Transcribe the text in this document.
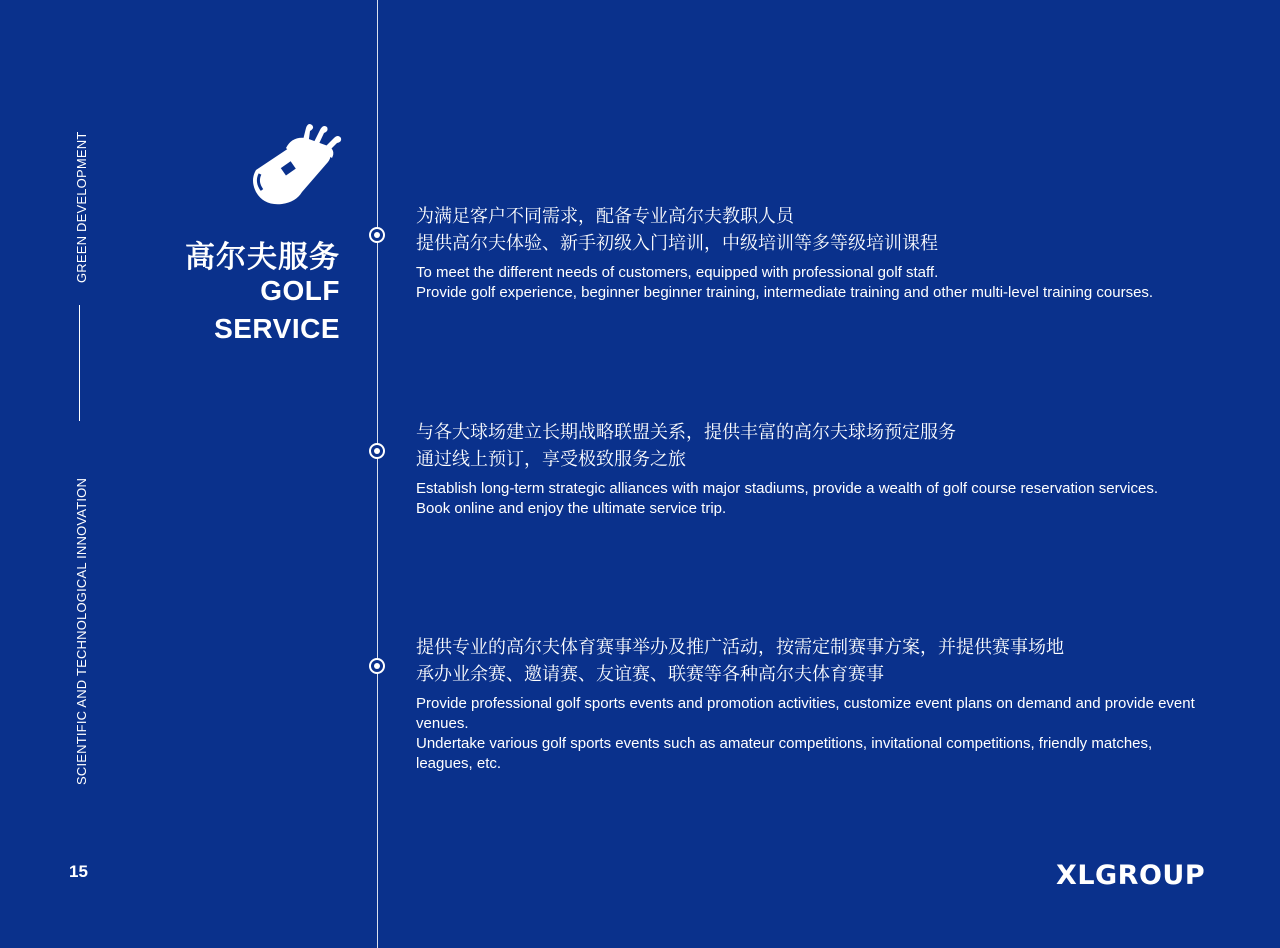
GREEN DEVELOPMENT
SCIENTIFIC AND TECHNOLOGICAL INNOVATION
15
高尔夫服务
GOLF
SERVICE
为满足客户不同需求，配备专业高尔夫教职人员
提供高尔夫体验、新手初级入门培训，中级培训等多等级培训课程
To meet the different needs of customers, equipped with professional golf staff.
Provide golf experience, beginner beginner training, intermediate training and other multi-level training courses.
与各大球场建立长期战略联盟关系，提供丰富的高尔夫球场预定服务
通过线上预订，享受极致服务之旅
Establish long-term strategic alliances with major stadiums, provide a wealth of golf course reservation services.
Book online and enjoy the ultimate service trip.
提供专业的高尔夫体育赛事举办及推广活动，按需定制赛事方案，并提供赛事场地
承办业余赛、邀请赛、友谊赛、联赛等各种高尔夫体育赛事
Provide professional golf sports events and promotion activities, customize event plans on demand and provide event venues.
Undertake various golf sports events such as amateur competitions, invitational competitions, friendly matches, leagues, etc.
XLGROUP
